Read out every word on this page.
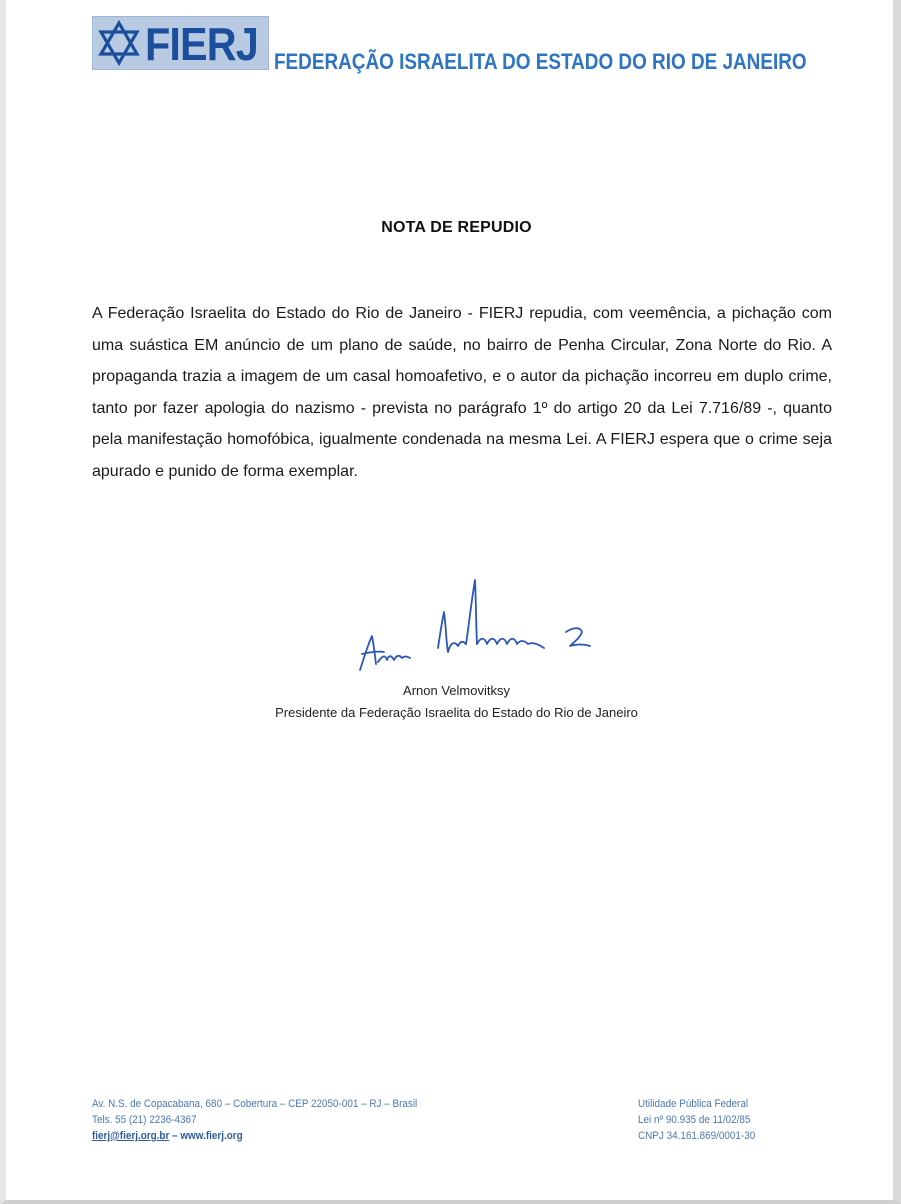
FIERJ FEDERAÇÃO ISRAELITA DO ESTADO DO RIO DE JANEIRO
NOTA DE REPUDIO
A Federação Israelita do Estado do Rio de Janeiro - FIERJ repudia, com veemência, a pichação com uma suástica EM anúncio de um plano de saúde, no bairro de Penha Circular, Zona Norte do Rio. A propaganda trazia a imagem de um casal homoafetivo, e o autor da pichação incorreu em duplo crime, tanto por fazer apologia do nazismo - prevista no parágrafo 1º do artigo 20 da Lei 7.716/89 -, quanto pela manifestação homofóbica, igualmente condenada na mesma Lei. A FIERJ espera que o crime seja apurado e punido de forma exemplar.
Arnon Velmovitksy
Presidente da Federação Israelita do Estado do Rio de Janeiro
Av. N.S. de Copacabana, 680 – Cobertura – CEP 22050-001 – RJ – Brasil
Tels. 55 (21) 2236-4367
fierj@fierj.org.br – www.fierj.org
Utilidade Pública Federal
Lei nº 90.935 de 11/02/85
CNPJ 34.161.869/0001-30
